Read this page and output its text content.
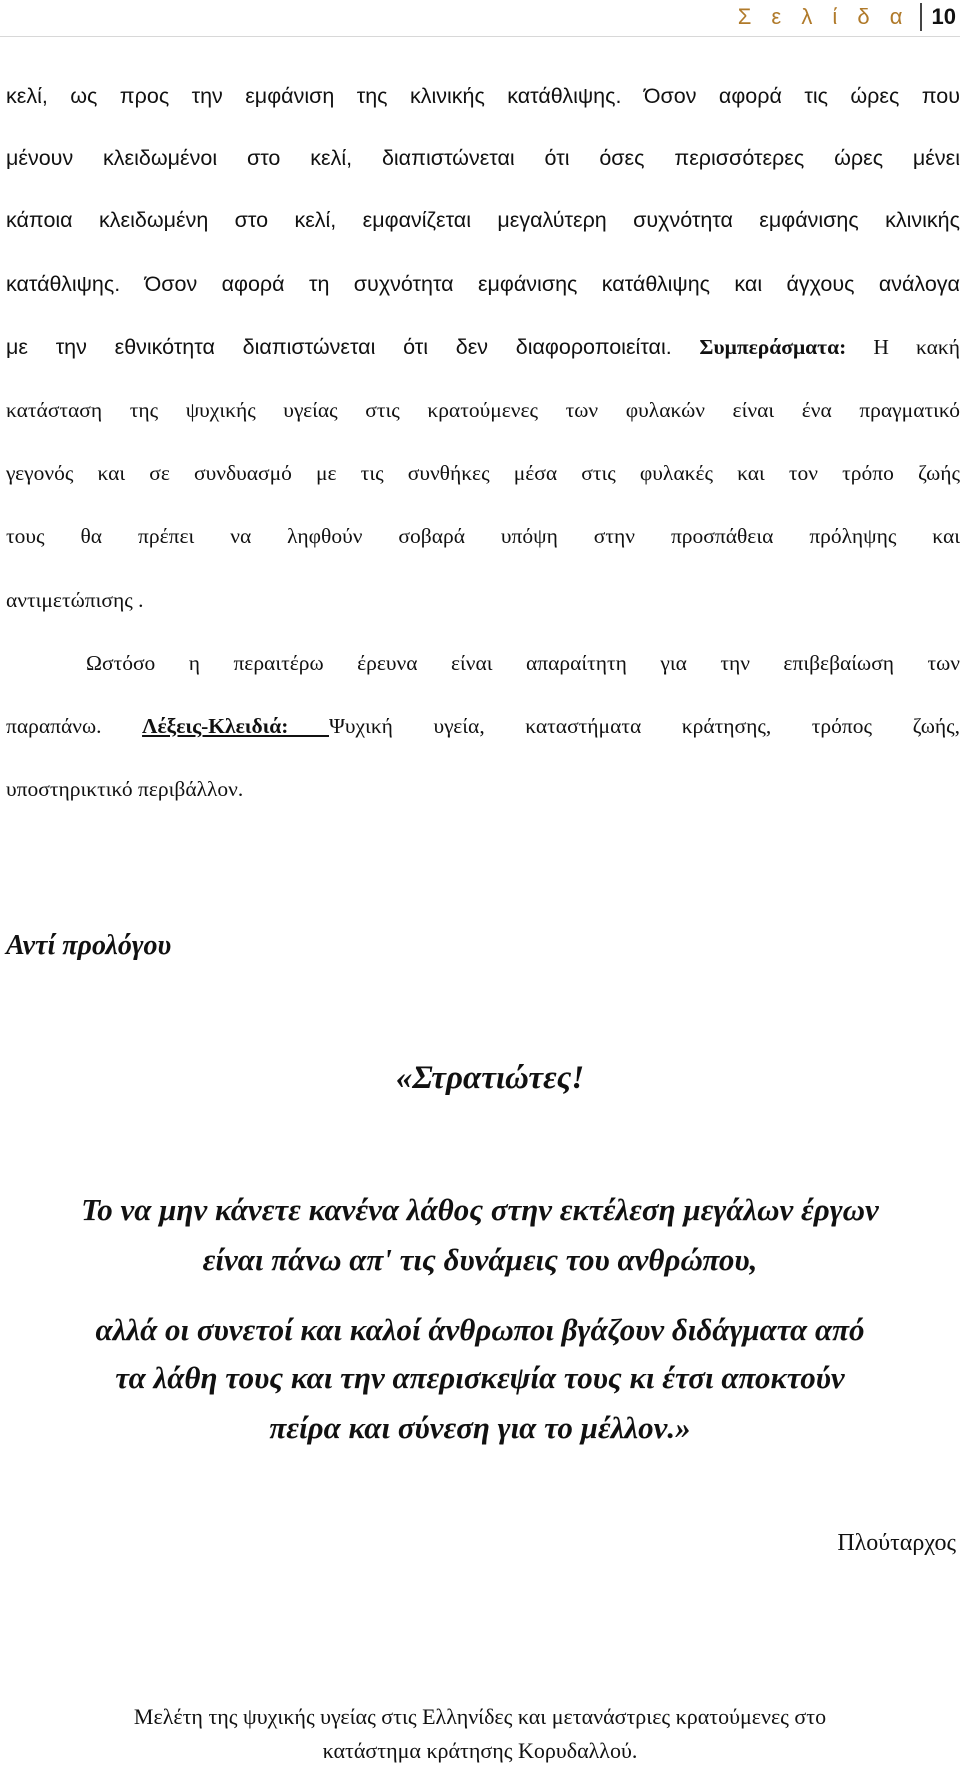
Σ ε λ ί δ α 10
κελί, ως προς την εμφάνιση της κλινικής κατάθλιψης. Όσον αφορά τις ώρες που
μένουν κλειδωμένοι στο κελί, διαπιστώνεται ότι όσες περισσότερες ώρες μένει
κάποια κλειδωμένη στο κελί, εμφανίζεται μεγαλύτερη συχνότητα εμφάνισης κλινικής
κατάθλιψης. Όσον αφορά τη συχνότητα εμφάνισης κατάθλιψης και άγχους ανάλογα
με την εθνικότητα διαπιστώνεται ότι δεν διαφοροποιείται. Συμπεράσματα: Η κακή
κατάσταση της ψυχικής υγείας στις κρατούμενες των φυλακών είναι ένα πραγματικό
γεγονός και σε συνδυασμό με τις συνθήκες μέσα στις φυλακές και τον τρόπο ζωής
τους θα πρέπει να ληφθούν σοβαρά υπόψη στην προσπάθεια πρόληψης και
αντιμετώπισης .
Ωστόσο η περαιτέρω έρευνα είναι απαραίτητη για την επιβεβαίωση των
παραπάνω. Λέξεις-Κλειδιά: Ψυχική υγεία, καταστήματα κράτησης, τρόπος ζωής,
υποστηρικτικό περιβάλλον.
Αντί προλόγου
«Στρατιώτες!
Το να μην κάνετε κανένα λάθος στην εκτέλεση μεγάλων έργων
είναι πάνω απ' τις δυνάμεις του ανθρώπου,
αλλά οι συνετοί και καλοί άνθρωποι βγάζουν διδάγματα από
τα λάθη τους και την απερισκεψία τους κι έτσι αποκτούν
πείρα και σύνεση για το μέλλον.»
Πλούταρχος
Μελέτη της ψυχικής υγείας στις Ελληνίδες και μετανάστριες κρατούμενες στο
κατάστημα κράτησης Κορυδαλλού.
